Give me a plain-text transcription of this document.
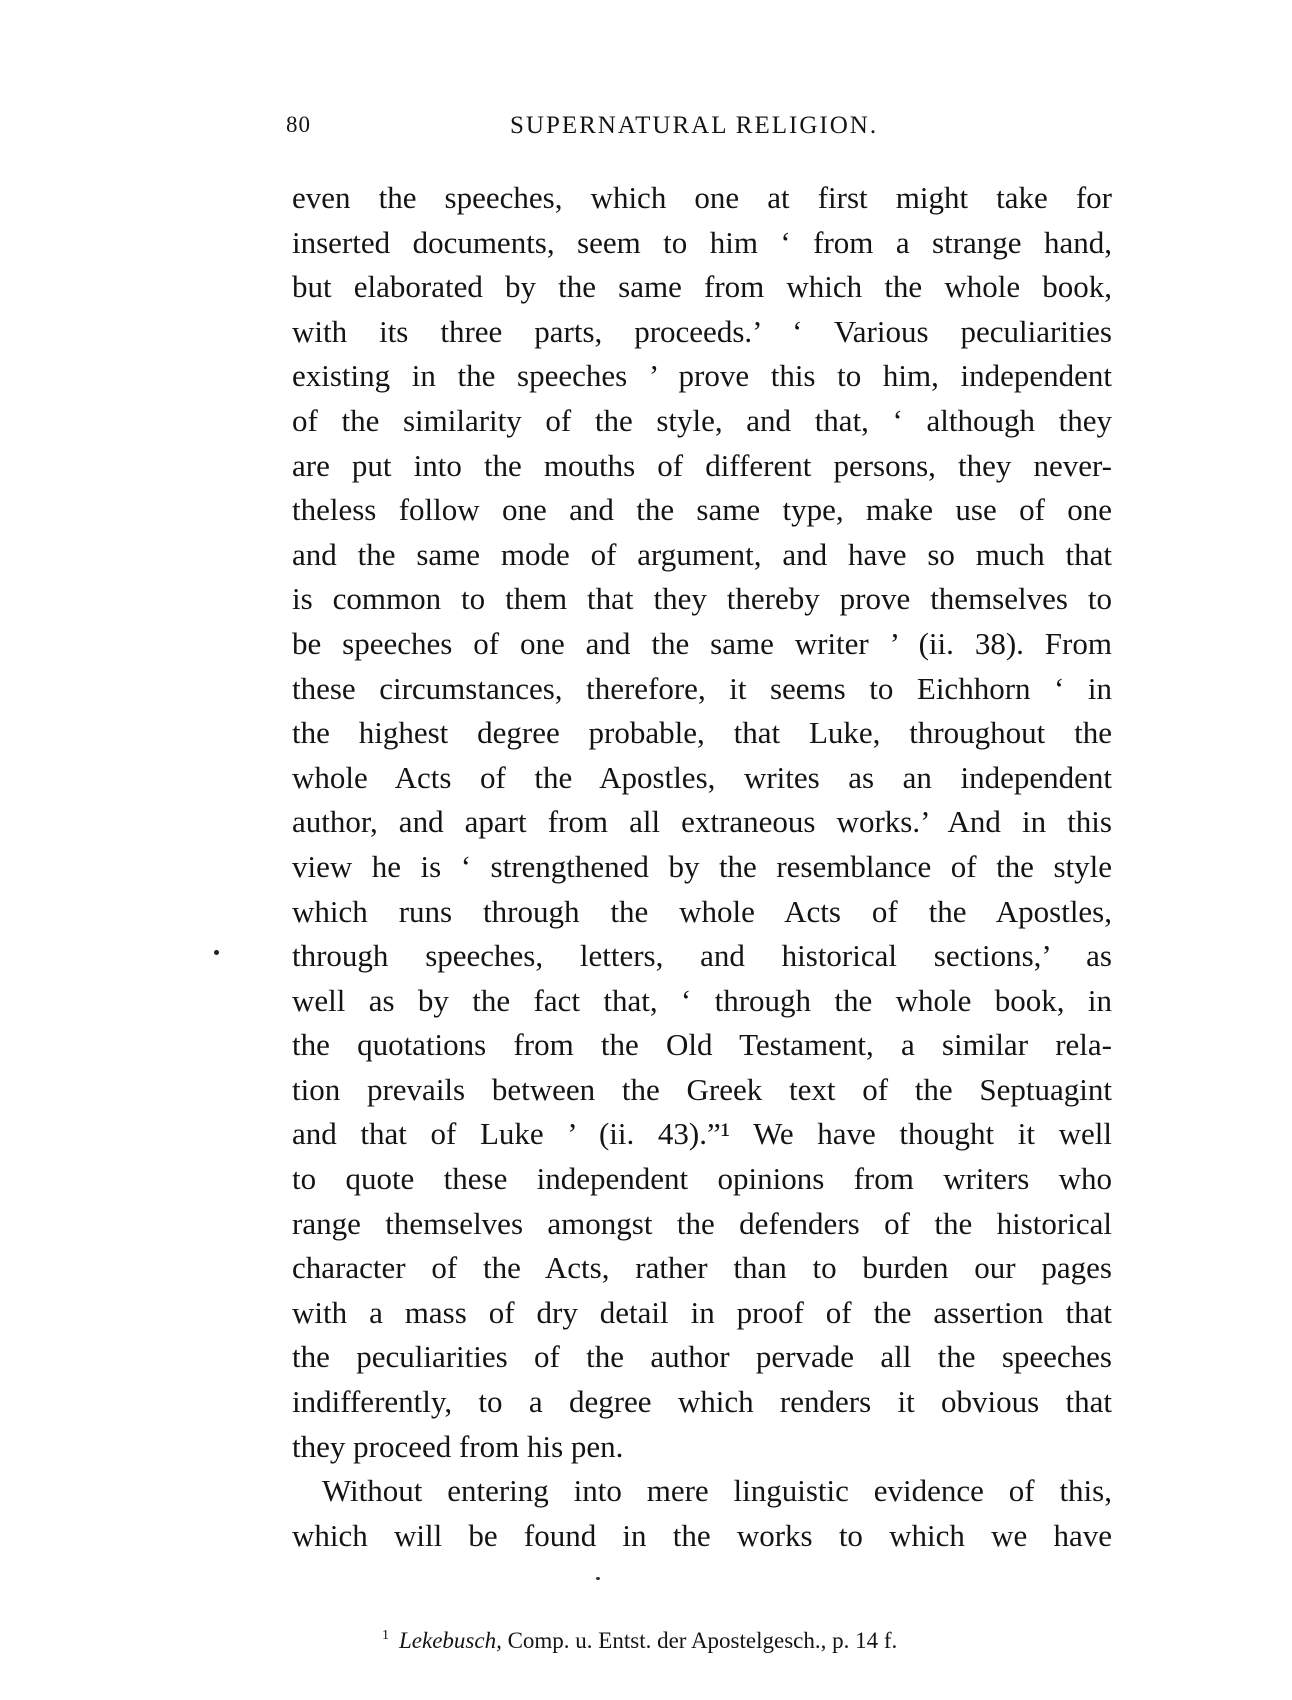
80	SUPERNATURAL RELIGION.
even the speeches, which one at first might take for
inserted documents, seem to him ‘ from a strange hand,
but elaborated by the same from which the whole book,
with its three parts, proceeds.’ ‘ Various peculiarities
existing in the speeches ’ prove this to him, independent
of the similarity of the style, and that, ‘ although they
are put into the mouths of different persons, they never-
theless follow one and the same type, make use of one
and the same mode of argument, and have so much that
is common to them that they thereby prove themselves to
be speeches of one and the same writer ’ (ii. 38). From
these circumstances, therefore, it seems to Eichhorn ‘ in
the highest degree probable, that Luke, throughout the
whole Acts of the Apostles, writes as an independent
author, and apart from all extraneous works.’ And in this
view he is ‘ strengthened by the resemblance of the style
which runs through the whole Acts of the Apostles,
through speeches, letters, and historical sections,’ as
well as by the fact that, ‘ through the whole book, in
the quotations from the Old Testament, a similar rela-
tion prevails between the Greek text of the Septuagint
and that of Luke ’ (ii. 43).”¹ We have thought it well
to quote these independent opinions from writers who
range themselves amongst the defenders of the historical
character of the Acts, rather than to burden our pages
with a mass of dry detail in proof of the assertion that
the peculiarities of the author pervade all the speeches
indifferently, to a degree which renders it obvious that
they proceed from his pen.
Without entering into mere linguistic evidence of this,
which will be found in the works to which we have
$^1$ Lekebusch, Comp. u. Entst. der Apostelgesch., p. 14 f.
